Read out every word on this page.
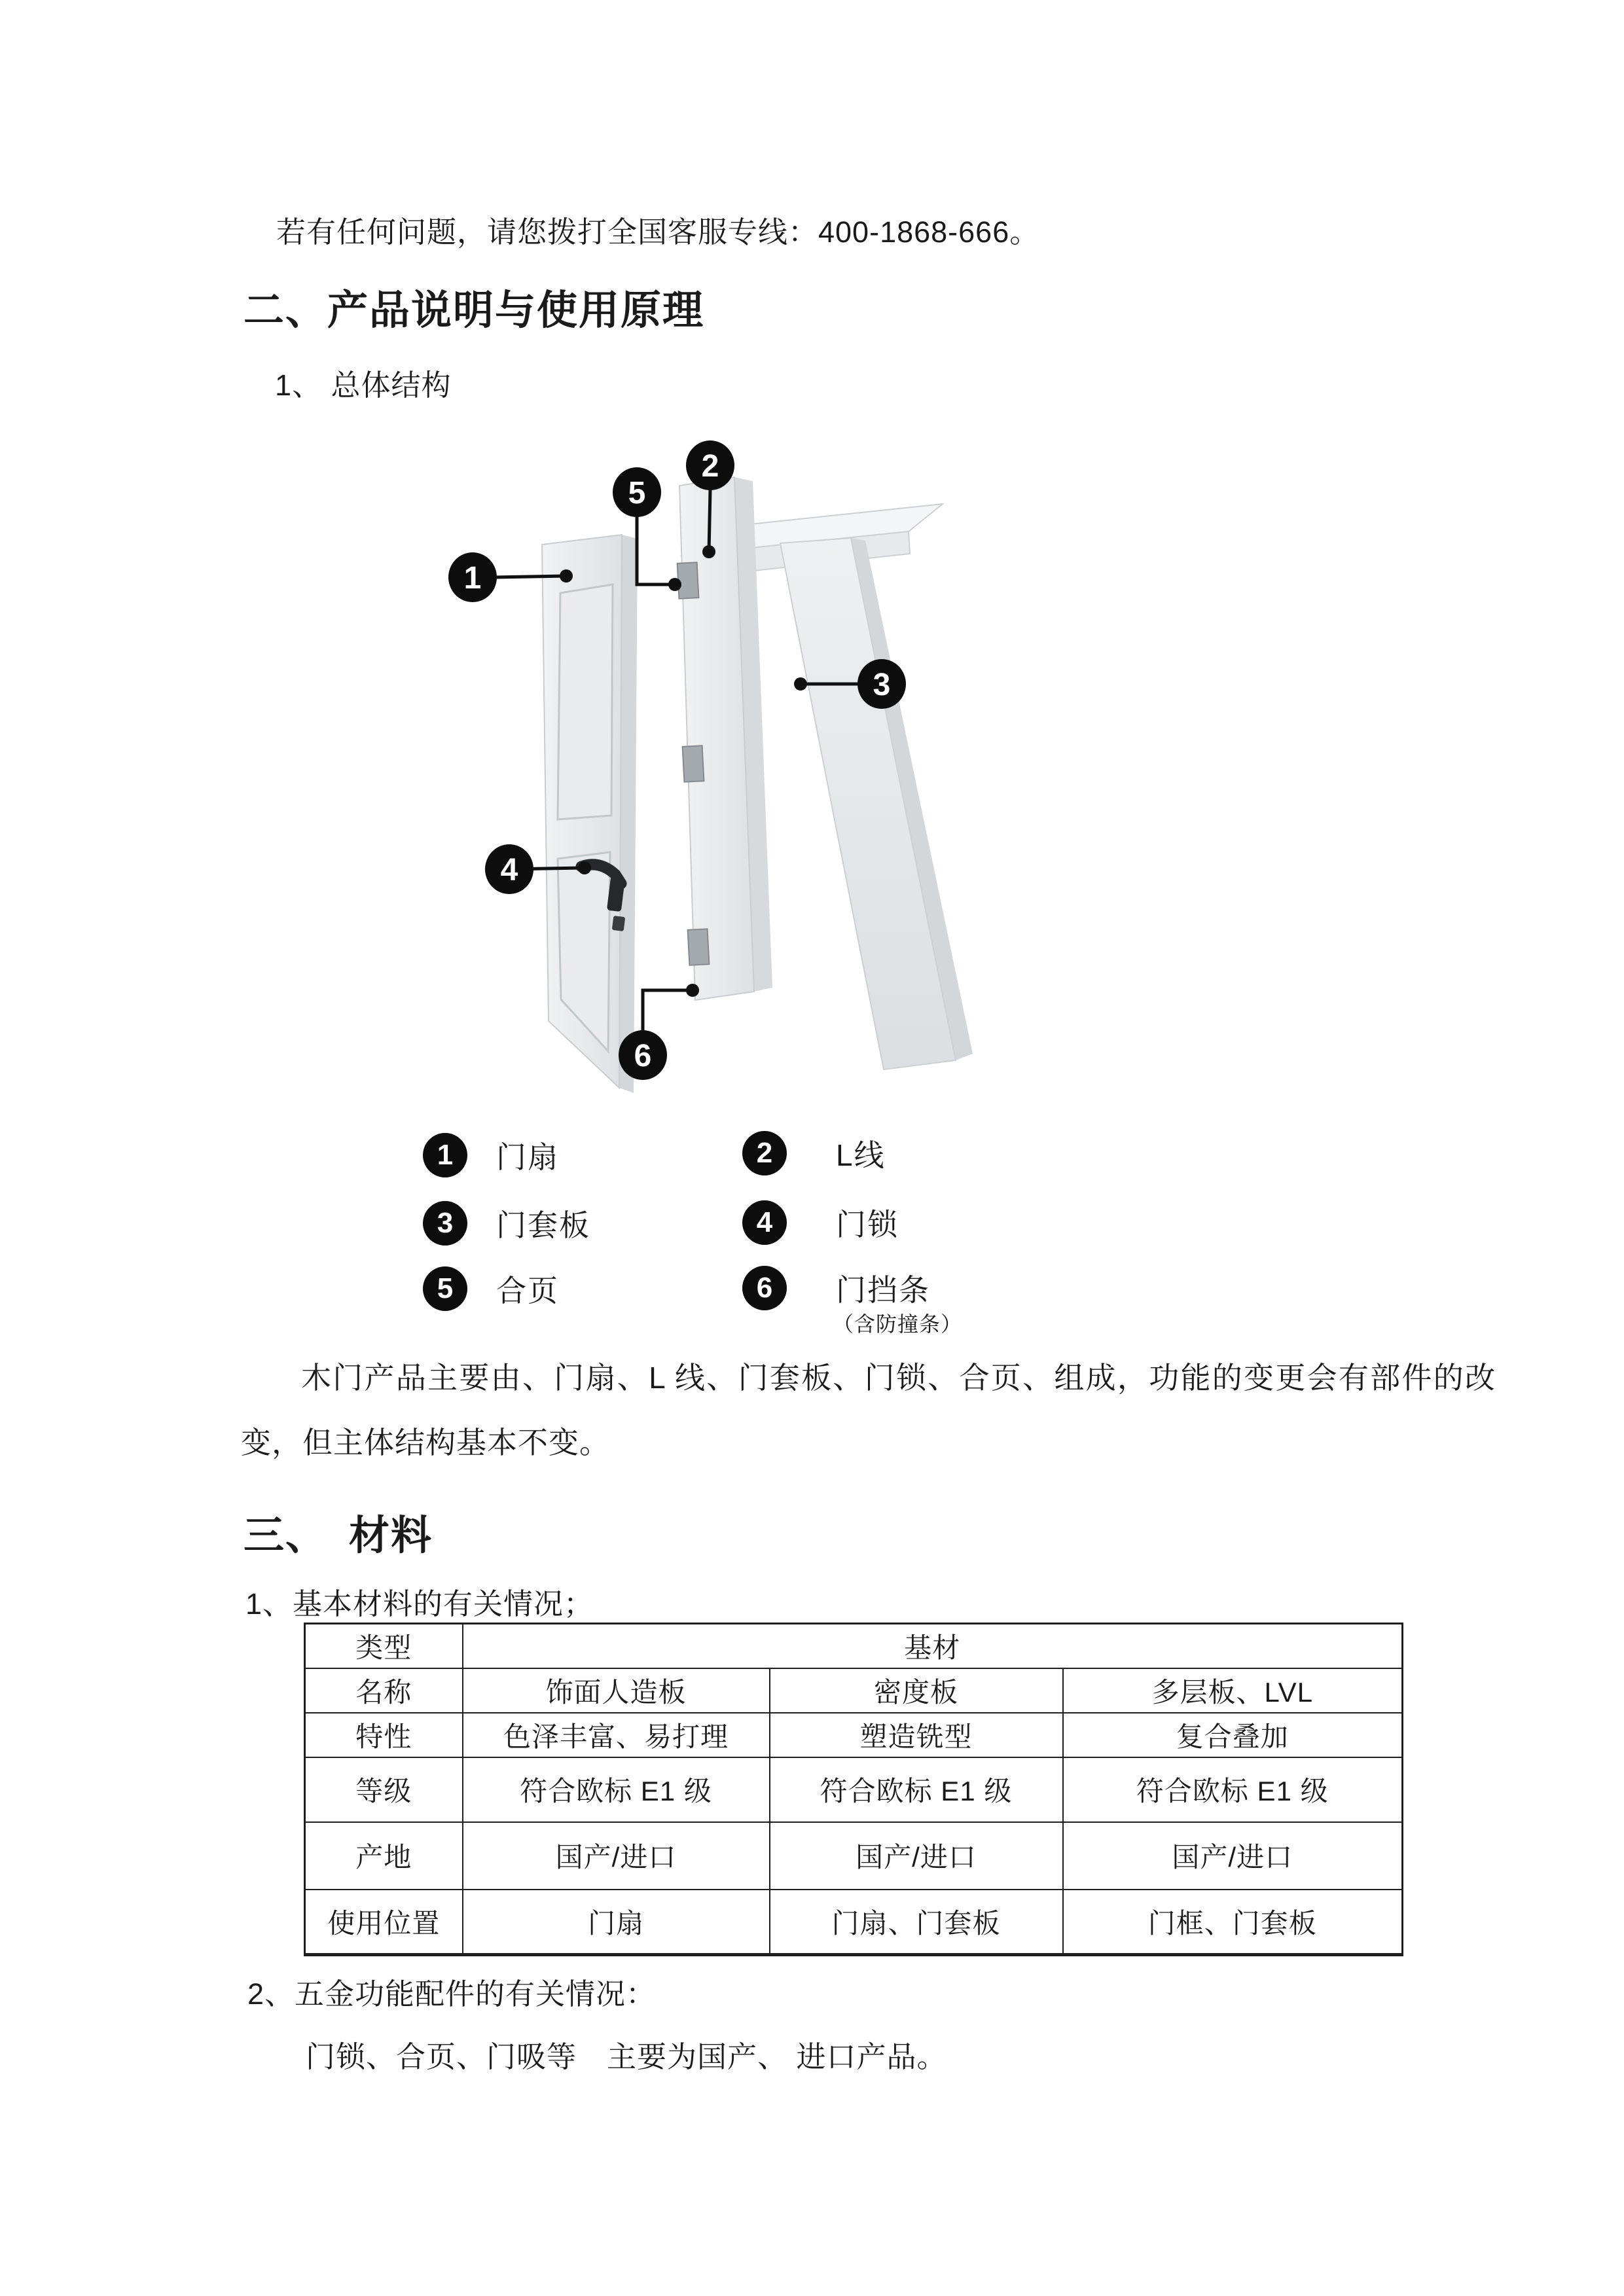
若有任何问题，请您拨打全国客服专线：400-1868-666。
二、产品说明与使用原理
1、 总体结构
1
2
3
4
5
6
1	门扇	2	L线
3	门套板	4	门锁
5	合页	6	门挡条
（含防撞条）
木门产品主要由、门扇、L 线、门套板、门锁、合页、组成，功能的变更会有部件的改变，但主体结构基本不变。
三、　材料
1、基本材料的有关情况；
类型	基材		
名称	饰面人造板	密度板	多层板、LVL
特性	色泽丰富、易打理	塑造铣型	复合叠加
等级	符合欧标 E1 级	符合欧标 E1 级	符合欧标 E1 级
产地	国产/进口	国产/进口	国产/进口
使用位置	门扇	门扇、门套板	门框、门套板
2、五金功能配件的有关情况：
门锁、合页、门吸等　主要为国产、 进口产品。
